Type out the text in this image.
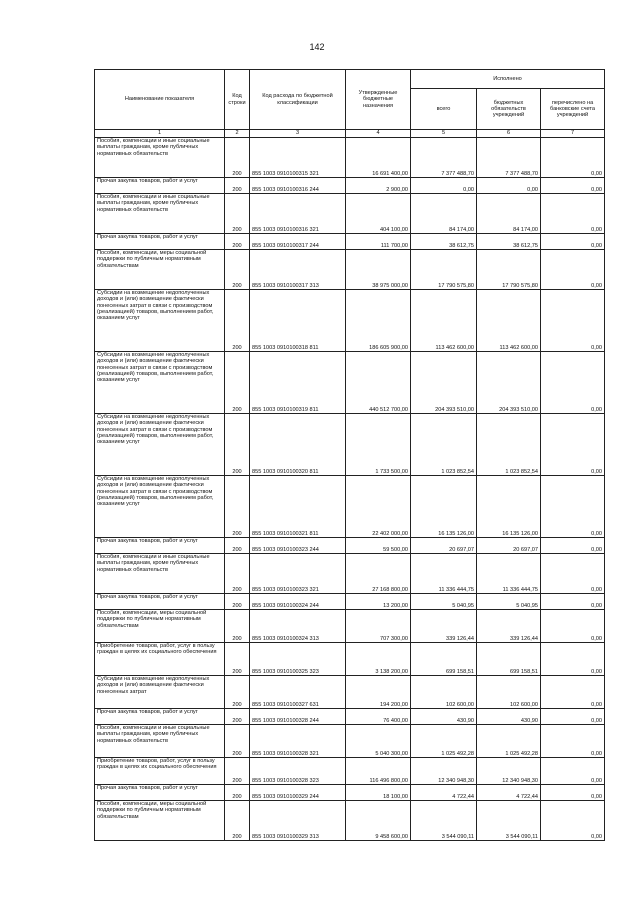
142
Наименование показателя	Код строки	Код расхода по бюджетной классификации	Утвержденные бюджетные назначения	Исполнено		
				всего	бюджетных обязательств учреждений	перечислено на банковские счета учреждений
1	2	3	4	5	6	7
Пособия, компенсации и иные социальные выплаты гражданам, кроме публичных нормативных обязательств	200	855 1003 0910100315 321	16 691 400,00	7 377 488,70	7 377 488,70	0,00
Прочая закупка товаров, работ и услуг	200	855 1003 0910100316 244	2 900,00	0,00	0,00	0,00
Пособия, компенсации и иные социальные выплаты гражданам, кроме публичных нормативных обязательств	200	855 1003 0910100316 321	404 100,00	84 174,00	84 174,00	0,00
Прочая закупка товаров, работ и услуг	200	855 1003 0910100317 244	111 700,00	38 612,75	38 612,75	0,00
Пособия, компенсации, меры социальной поддержки по публичным нормативным обязательствам	200	855 1003 0910100317 313	38 975 000,00	17 790 575,80	17 790 575,80	0,00
Субсидии на возмещение недополученных доходов и (или) возмещение фактически понесенных затрат в связи с производством (реализацией) товаров, выполнением работ, оказанием услуг	200	855 1003 0910100318 811	186 605 900,00	113 462 600,00	113 462 600,00	0,00
Субсидии на возмещение недополученных доходов и (или) возмещение фактически понесенных затрат в связи с производством (реализацией) товаров, выполнением работ, оказанием услуг	200	855 1003 0910100319 811	440 512 700,00	204 393 510,00	204 393 510,00	0,00
Субсидии на возмещение недополученных доходов и (или) возмещение фактически понесенных затрат в связи с производством (реализацией) товаров, выполнением работ, оказанием услуг	200	855 1003 0910100320 811	1 733 500,00	1 023 852,54	1 023 852,54	0,00
Субсидии на возмещение недополученных доходов и (или) возмещение фактически понесенных затрат в связи с производством (реализацией) товаров, выполнением работ, оказанием услуг	200	855 1003 0910100321 811	22 402 000,00	16 135 126,00	16 135 126,00	0,00
Прочая закупка товаров, работ и услуг	200	855 1003 0910100323 244	59 500,00	20 697,07	20 697,07	0,00
Пособия, компенсации и иные социальные выплаты гражданам, кроме публичных нормативных обязательств	200	855 1003 0910100323 321	27 168 800,00	11 336 444,75	11 336 444,75	0,00
Прочая закупка товаров, работ и услуг	200	855 1003 0910100324 244	13 200,00	5 040,95	5 040,95	0,00
Пособия, компенсации, меры социальной поддержки по публичным нормативным обязательствам	200	855 1003 0910100324 313	707 300,00	339 126,44	339 126,44	0,00
Приобретение товаров, работ, услуг в пользу граждан в целях их социального обеспечения	200	855 1003 0910100325 323	3 138 200,00	699 158,51	699 158,51	0,00
Субсидии на возмещение недополученных доходов и (или) возмещение фактически понесенных затрат	200	855 1003 0910100327 631	194 200,00	102 600,00	102 600,00	0,00
Прочая закупка товаров, работ и услуг	200	855 1003 0910100328 244	76 400,00	430,90	430,90	0,00
Пособия, компенсации и иные социальные выплаты гражданам, кроме публичных нормативных обязательств	200	855 1003 0910100328 321	5 040 300,00	1 025 492,28	1 025 492,28	0,00
Приобретение товаров, работ, услуг в пользу граждан в целях их социального обеспечения	200	855 1003 0910100328 323	116 496 800,00	12 340 948,30	12 340 948,30	0,00
Прочая закупка товаров, работ и услуг	200	855 1003 0910100329 244	18 100,00	4 722,44	4 722,44	0,00
Пособия, компенсации, меры социальной поддержки по публичным нормативным обязательствам	200	855 1003 0910100329 313	9 458 600,00	3 544 090,11	3 544 090,11	0,00
